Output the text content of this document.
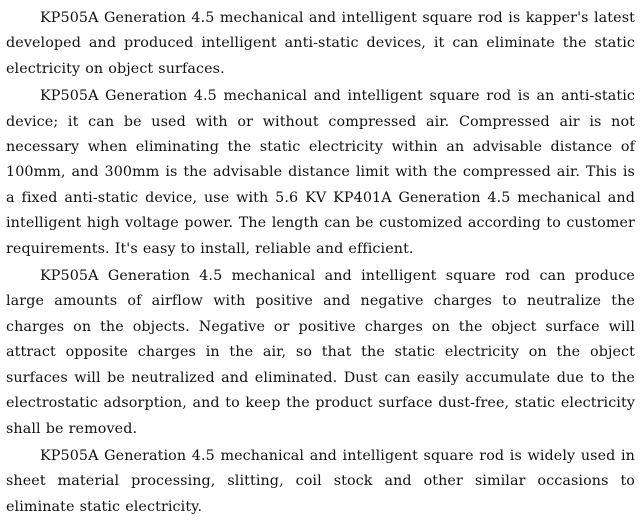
KP505A Generation 4.5 mechanical and intelligent square rod is kapper's latest developed and produced intelligent anti-static devices, it can eliminate the static electricity on object surfaces.

KP505A Generation 4.5 mechanical and intelligent square rod is an anti-static device; it can be used with or without compressed air. Compressed air is not necessary when eliminating the static electricity within an advisable distance of 100mm, and 300mm is the advisable distance limit with the compressed air. This is a fixed anti-static device, use with 5.6 KV KP401A Generation 4.5 mechanical and intelligent high voltage power. The length can be customized according to customer requirements. It's easy to install, reliable and efficient.

KP505A Generation 4.5 mechanical and intelligent square rod can produce large amounts of airflow with positive and negative charges to neutralize the charges on the objects. Negative or positive charges on the object surface will attract opposite charges in the air, so that the static electricity on the object surfaces will be neutralized and eliminated. Dust can easily accumulate due to the electrostatic adsorption, and to keep the product surface dust-free, static electricity shall be removed.

KP505A Generation 4.5 mechanical and intelligent square rod is widely used in sheet material processing, slitting, coil stock and other similar occasions to eliminate static electricity.
